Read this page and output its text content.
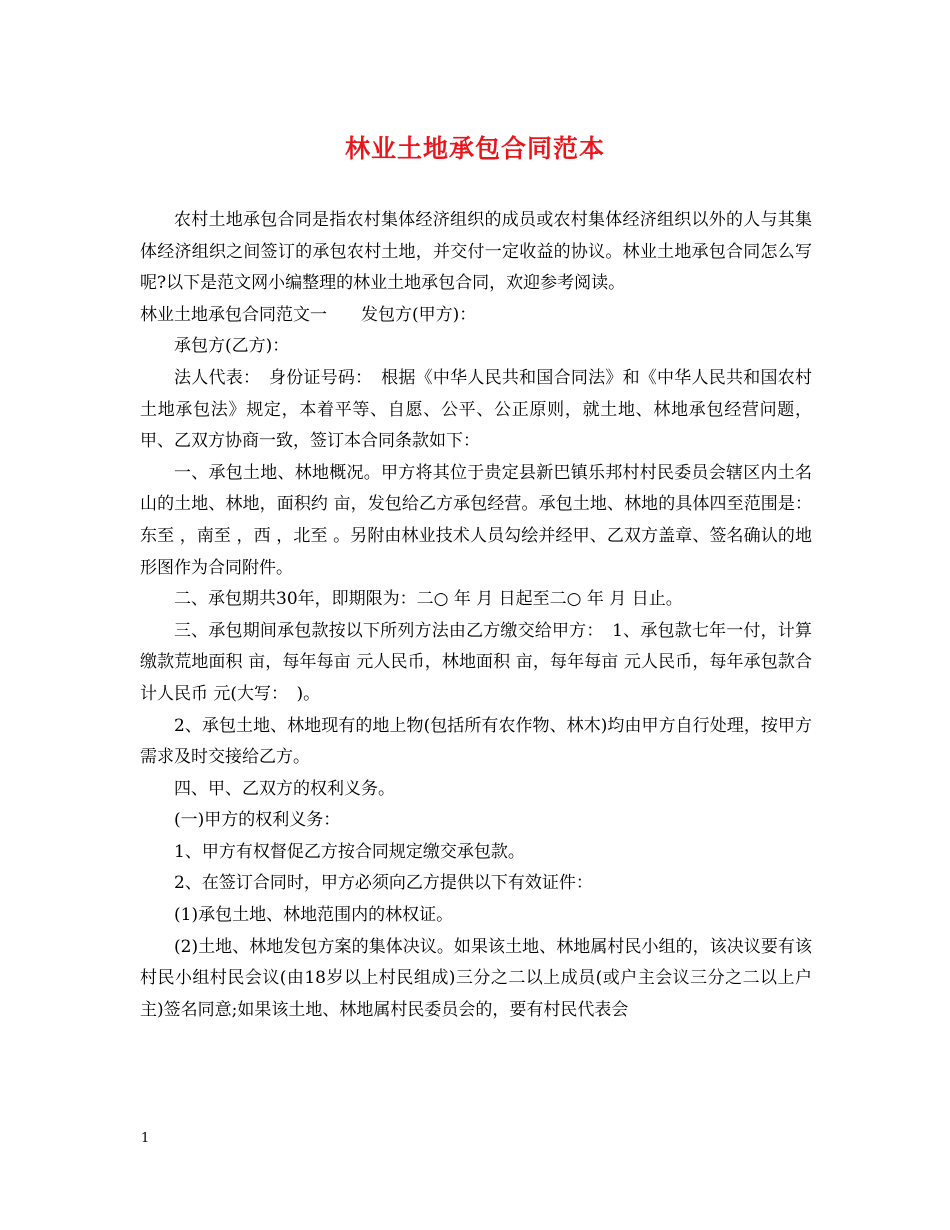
林业土地承包合同范本

农村土地承包合同是指农村集体经济组织的成员或农村集体经济组织以外的人与其集体经济组织之间签订的承包农村土地，并交付一定收益的协议。林业土地承包合同怎么写呢?以下是范文网小编整理的林业土地承包合同，欢迎参考阅读。

林业土地承包合同范文一　　发包方(甲方)：

承包方(乙方)：

法人代表：　身份证号码：　根据《中华人民共和国合同法》和《中华人民共和国农村土地承包法》规定，本着平等、自愿、公平、公正原则，就土地、林地承包经营问题，甲、乙双方协商一致，签订本合同条款如下：

一、承包土地、林地概况。甲方将其位于贵定县新巴镇乐邦村村民委员会辖区内土名 山的土地、林地，面积约 亩，发包给乙方承包经营。承包土地、林地的具体四至范围是：东至 ，南至 ，西 ，北至 。另附由林业技术人员勾绘并经甲、乙双方盖章、签名确认的地形图作为合同附件。

二、承包期共30年，即期限为：二○ 年 月 日起至二○ 年 月 日止。

三、承包期间承包款按以下所列方法由乙方缴交给甲方：　1、承包款七年一付，计算缴款荒地面积 亩，每年每亩 元人民币，林地面积 亩，每年每亩 元人民币，每年承包款合计人民币 元(大写：　)。

2、承包土地、林地现有的地上物(包括所有农作物、林木)均由甲方自行处理，按甲方需求及时交接给乙方。

四、甲、乙双方的权利义务。

(一)甲方的权利义务：

1、甲方有权督促乙方按合同规定缴交承包款。

2、在签订合同时，甲方必须向乙方提供以下有效证件：

(1)承包土地、林地范围内的林权证。

(2)土地、林地发包方案的集体决议。如果该土地、林地属村民小组的，该决议要有该村民小组村民会议(由18岁以上村民组成)三分之二以上成员(或户主会议三分之二以上户主)签名同意;如果该土地、林地属村民委员会的，要有村民代表会

1
